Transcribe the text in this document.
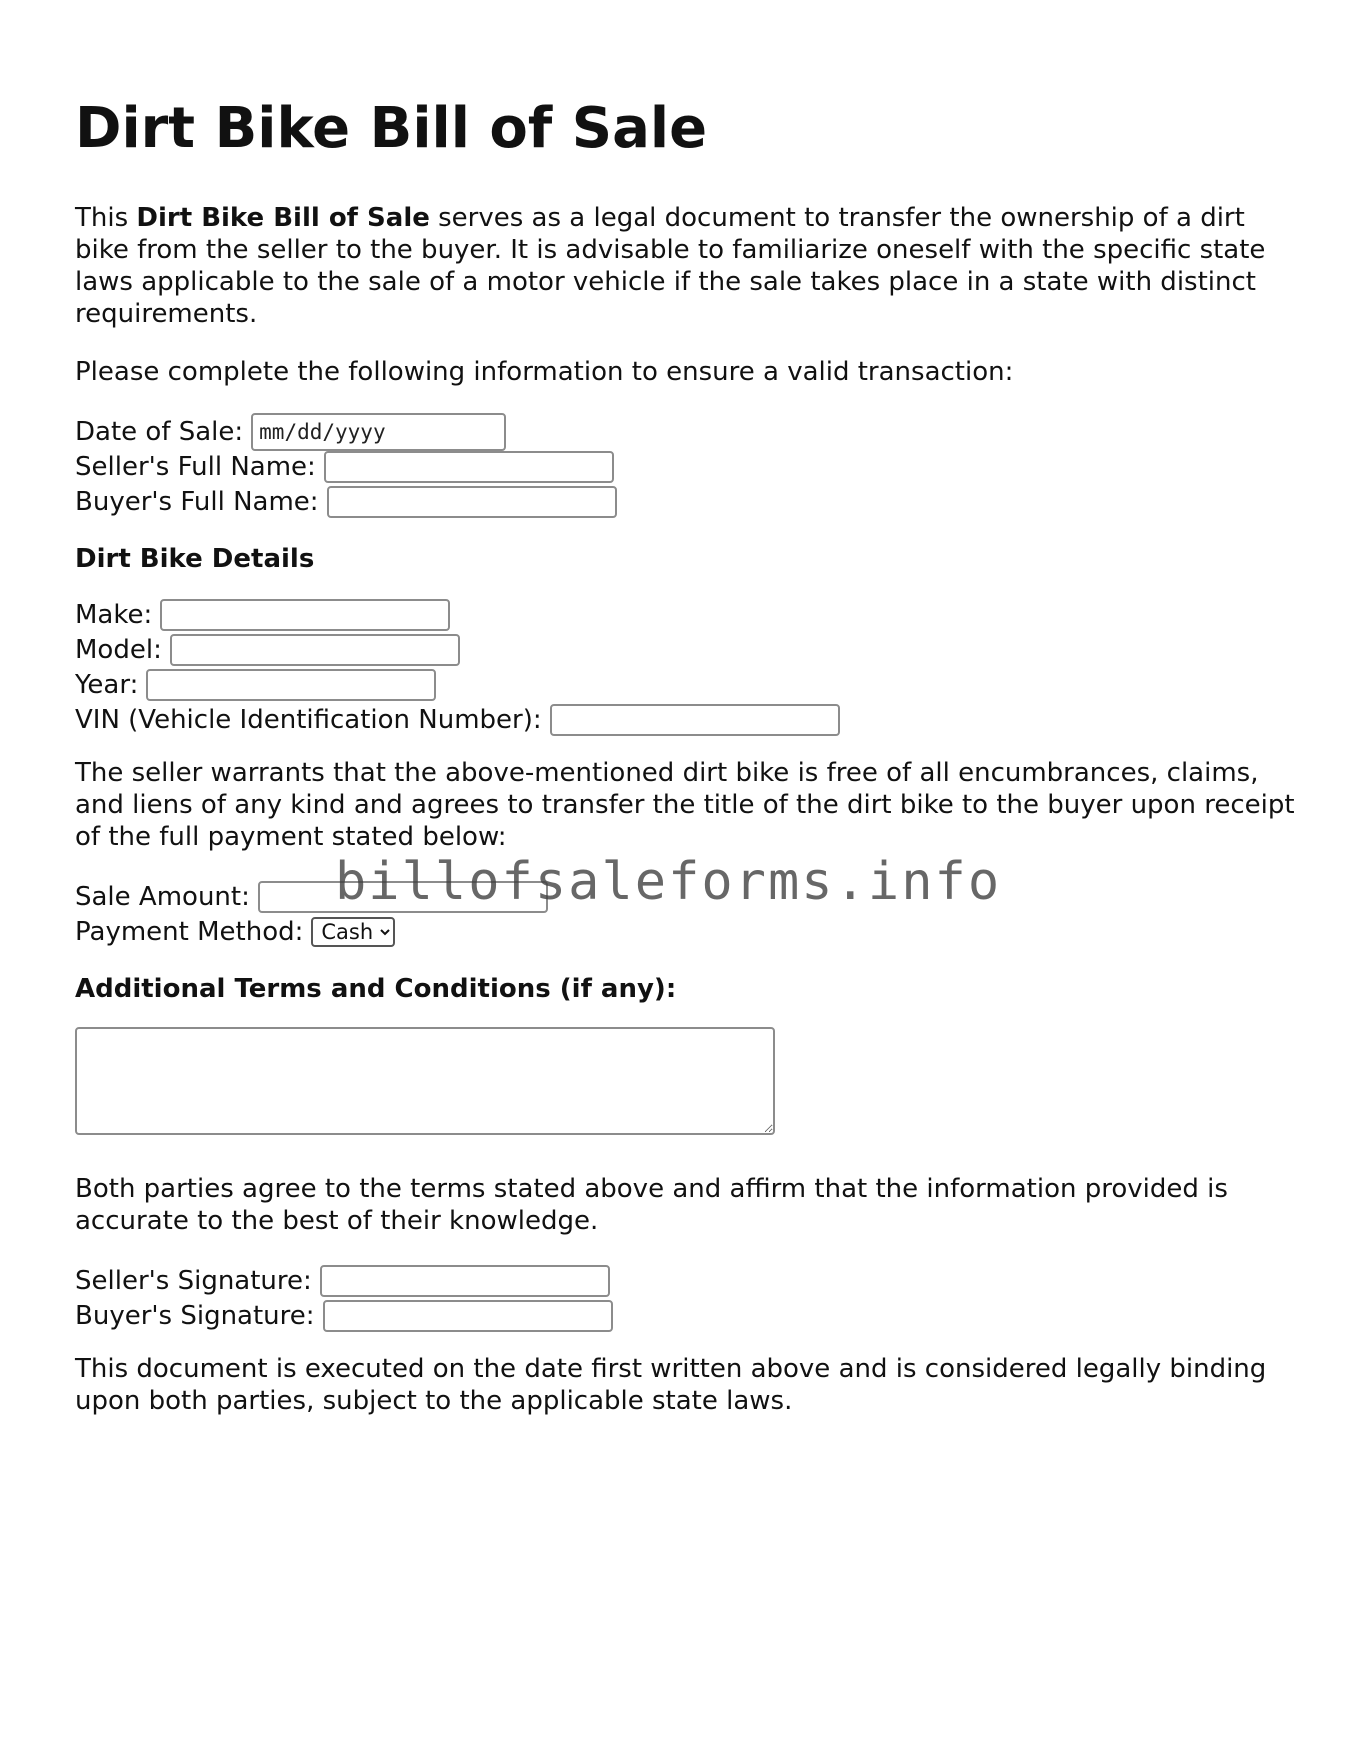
Dirt Bike Bill of Sale

This Dirt Bike Bill of Sale serves as a legal document to transfer the ownership of a dirt bike from the seller to the buyer. It is advisable to familiarize oneself with the specific state laws applicable to the sale of a motor vehicle if the sale takes place in a state with distinct requirements.

Please complete the following information to ensure a valid transaction:

Date of Sale:
mm/dd/yyyy
Seller's Full Name:
Buyer's Full Name:
Dirt Bike Details
Make:
Model:
Year:
VIN (Vehicle Identification Number):

The seller warrants that the above-mentioned dirt bike is free of all encumbrances, claims, and liens of any kind and agrees to transfer the title of the dirt bike to the buyer upon receipt of the full payment stated below:

Sale Amount:
Payment Method:
Cash
Additional Terms and Conditions (if any):

Both parties agree to the terms stated above and affirm that the information provided is accurate to the best of their knowledge.

Seller's Signature:
Buyer's Signature:

This document is executed on the date first written above and is considered legally binding upon both parties, subject to the applicable state laws.

billofsaleforms.info
